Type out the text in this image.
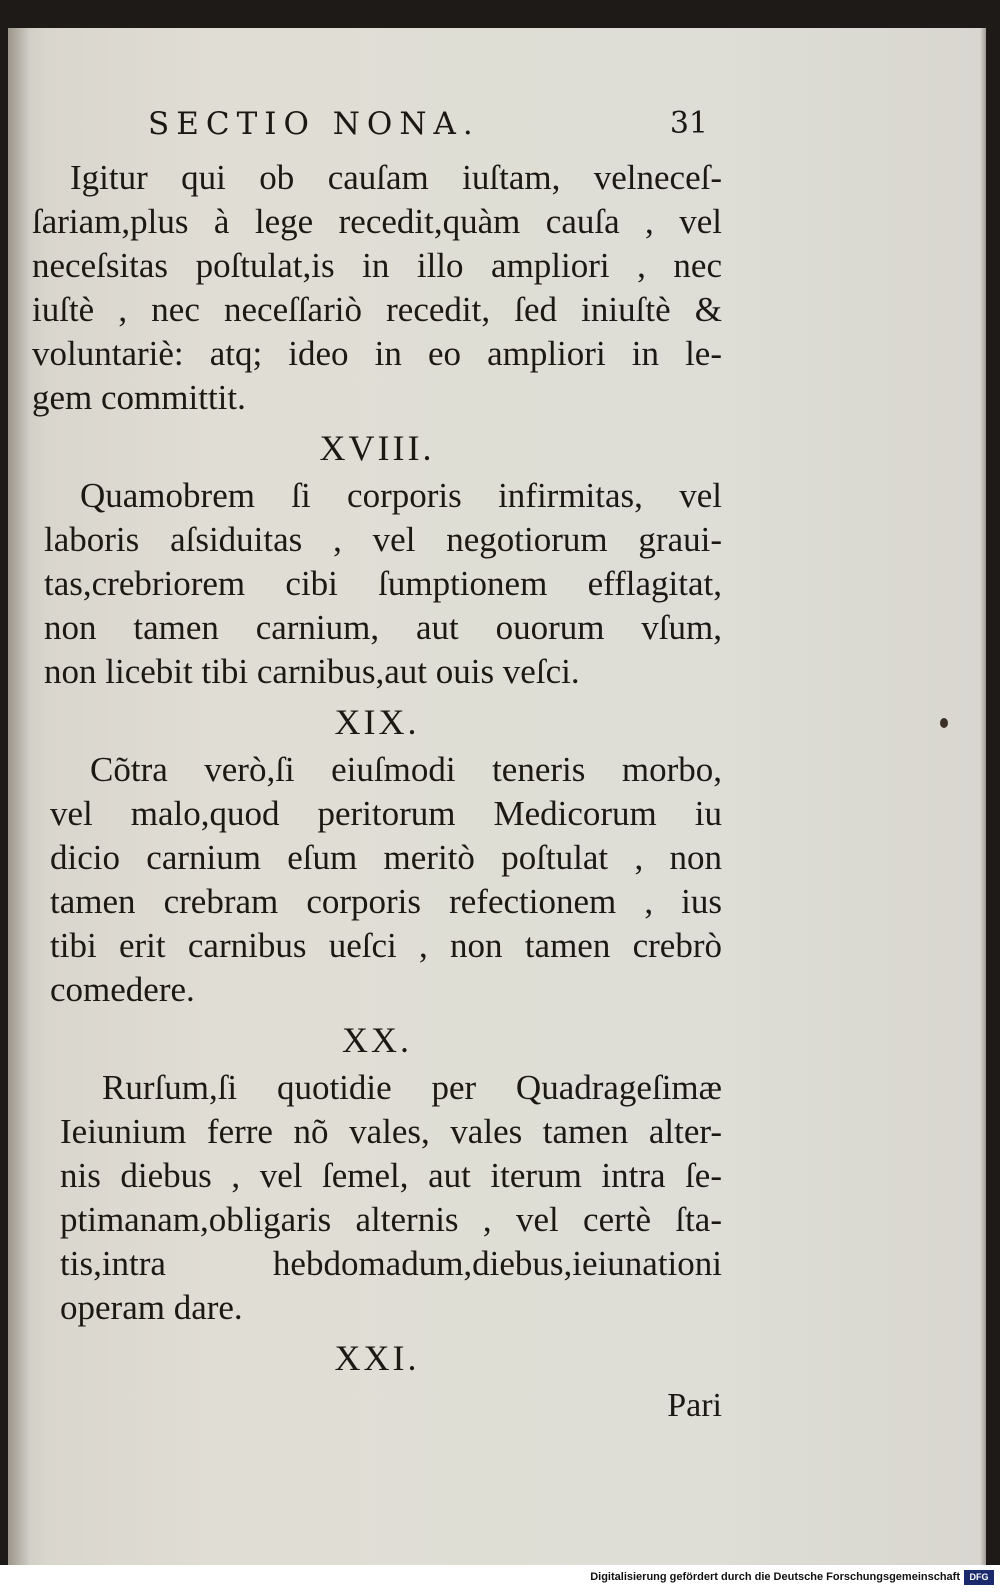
SECTIO NONA.	31
Igitur qui ob cauſam iuſtam, velneceſ-
ſariam,plus à lege recedit,quàm cauſa , vel
neceſsitas poſtulat,is in illo ampliori , nec
iuſtè , nec neceſſariò recedit, ſed iniuſtè &
voluntariè: atq; ideo in eo ampliori in le-
gem committit.
XVIII.
Quamobrem ſi corporis infirmitas, vel
laboris aſsiduitas , vel negotiorum graui-
tas,crebriorem cibi ſumptionem efflagitat,
non tamen carnium, aut ouorum vſum,
non licebit tibi carnibus,aut ouis veſci.
XIX.
Cõtra verò,ſi eiuſmodi teneris morbo,
vel malo,quod peritorum Medicorum iu
dicio carnium eſum meritò poſtulat , non
tamen crebram corporis refectionem , ius
tibi erit carnibus ueſci , non tamen crebrò
comedere.
XX.
Rurſum,ſi quotidie per Quadrageſimæ
Ieiunium ferre nõ vales, vales tamen alter-
nis diebus , vel ſemel, aut iterum intra ſe-
ptimanam,obligaris alternis , vel certè ſta-
tis,intra hebdomadum,diebus,ieiunationi
operam dare.
XXI.
Pari
Digitalisierung gefördert durch die Deutsche Forschungsgemeinschaft	DFG
